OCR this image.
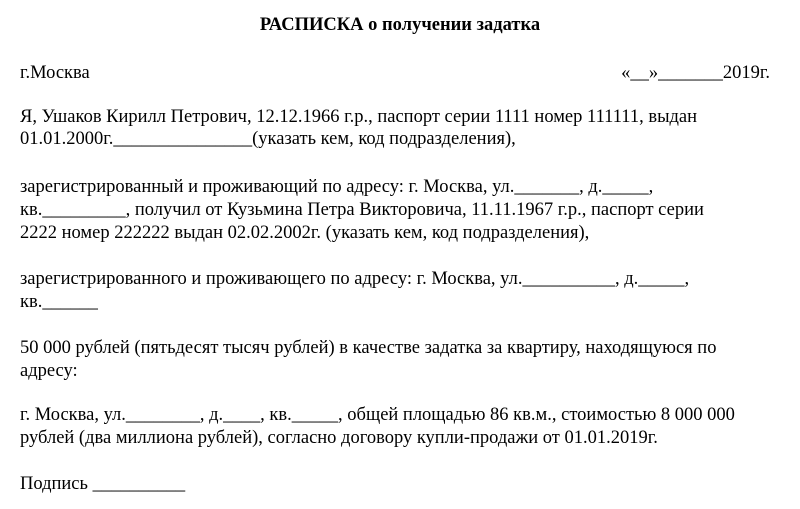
РАСПИСКА о получении задатка
г.Москва	«__»_______2019г.
Я, Ушаков Кирилл Петрович, 12.12.1966 г.р., паспорт серии 1111 номер 111111, выдан
01.01.2000г._______________(указать кем, код подразделения),
зарегистрированный и проживающий по адресу: г. Москва, ул._______, д._____,
кв._________, получил от Кузьмина Петра Викторовича, 11.11.1967 г.р., паспорт серии
2222 номер 222222 выдан 02.02.2002г. (указать кем, код подразделения),
зарегистрированного и проживающего по адресу: г. Москва, ул.__________, д._____,
кв.______
50 000 рублей (пятьдесят тысяч рублей) в качестве задатка за квартиру, находящуюся по
адресу:
г. Москва, ул.________, д.____, кв._____, общей площадью 86 кв.м., стоимостью 8 000 000
рублей (два миллиона рублей), согласно договору купли-продажи от 01.01.2019г.
Подпись __________
